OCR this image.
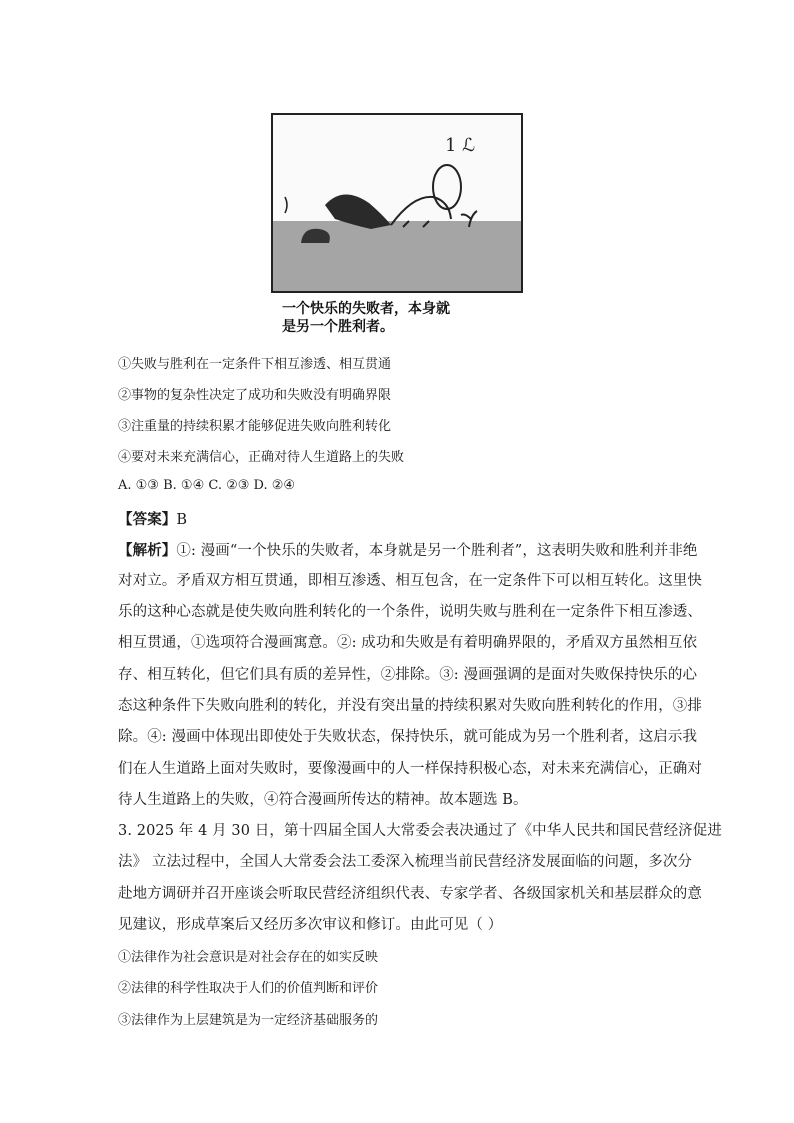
1 ℒ
一个快乐的失败者，本身就
是另一个胜利者。
①失败与胜利在一定条件下相互渗透、相互贯通
②事物的复杂性决定了成功和失败没有明确界限
③注重量的持续积累才能够促进失败向胜利转化
④要对未来充满信心，正确对待人生道路上的失败
A. ①③ B. ①④ C. ②③ D. ②④
【答案】B
【解析】①: 漫画“一个快乐的失败者，本身就是另一个胜利者”，这表明失败和胜利并非绝
对对立。矛盾双方相互贯通，即相互渗透、相互包含，在一定条件下可以相互转化。这里快
乐的这种心态就是使失败向胜利转化的一个条件，说明失败与胜利在一定条件下相互渗透、
相互贯通，①选项符合漫画寓意。②: 成功和失败是有着明确界限的，矛盾双方虽然相互依
存、相互转化，但它们具有质的差异性，②排除。③: 漫画强调的是面对失败保持快乐的心
态这种条件下失败向胜利的转化，并没有突出量的持续积累对失败向胜利转化的作用，③排
除。④: 漫画中体现出即使处于失败状态，保持快乐，就可能成为另一个胜利者，这启示我
们在人生道路上面对失败时，要像漫画中的人一样保持积极心态，对未来充满信心，正确对
待人生道路上的失败，④符合漫画所传达的精神。故本题选 B。
3. 2025 年 4 月 30 日，第十四届全国人大常委会表决通过了《中华人民共和国民营经济促进
法》 立法过程中，全国人大常委会法工委深入梳理当前民营经济发展面临的问题，多次分
赴地方调研并召开座谈会听取民营经济组织代表、专家学者、各级国家机关和基层群众的意
见建议，形成草案后又经历多次审议和修订。由此可见（ ）
①法律作为社会意识是对社会存在的如实反映
②法律的科学性取决于人们的价值判断和评价
③法律作为上层建筑是为一定经济基础服务的
